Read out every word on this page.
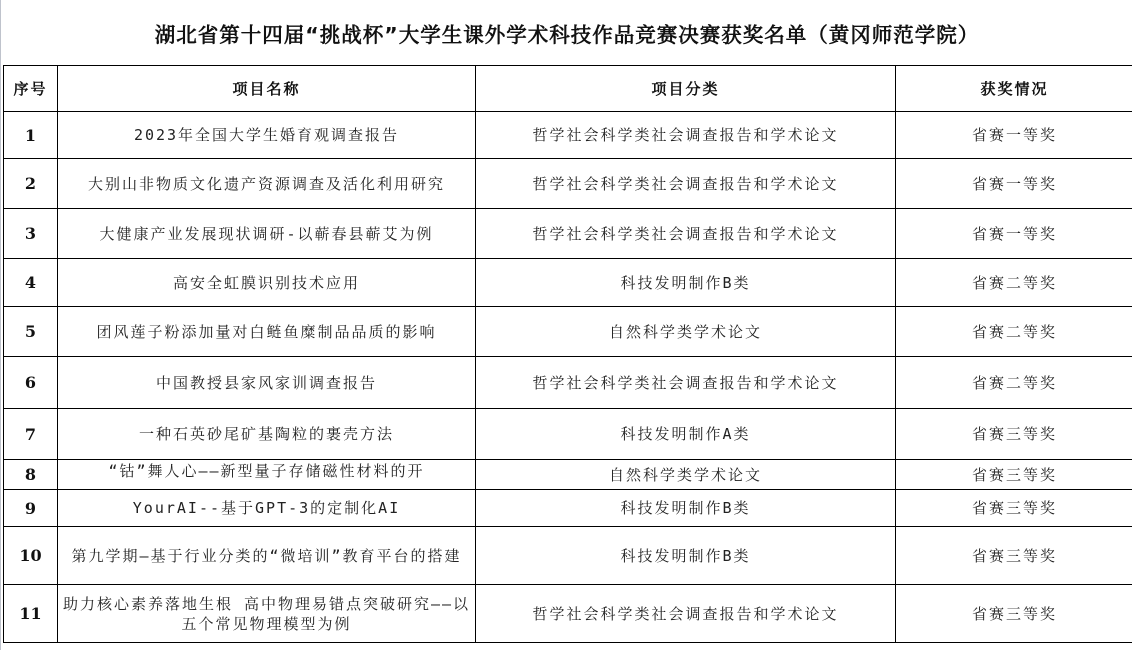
湖北省第十四届“挑战杯”大学生课外学术科技作品竞赛决赛获奖名单（黄冈师范学院）
序号	项目名称	项目分类	获奖情况
1	2023年全国大学生婚育观调查报告	哲学社会科学类社会调查报告和学术论文	省赛一等奖
2	大别山非物质文化遗产资源调查及活化利用研究	哲学社会科学类社会调查报告和学术论文	省赛一等奖
3	大健康产业发展现状调研-以蕲春县蕲艾为例	哲学社会科学类社会调查报告和学术论文	省赛一等奖
4	高安全虹膜识别技术应用	科技发明制作B类	省赛二等奖
5	团风莲子粉添加量对白鲢鱼糜制品品质的影响	自然科学类学术论文	省赛二等奖
6	中国教授县家风家训调查报告	哲学社会科学类社会调查报告和学术论文	省赛二等奖
7	一种石英砂尾矿基陶粒的裹壳方法	科技发明制作A类	省赛三等奖
8	“钴”舞人心——新型量子存储磁性材料的开	自然科学类学术论文	省赛三等奖
9	YourAI--基于GPT-3的定制化AI	科技发明制作B类	省赛三等奖
10	第九学期—基于行业分类的“微培训”教育平台的搭建	科技发明制作B类	省赛三等奖
11	助力核心素养落地生根 高中物理易错点突破研究——以五个常见物理模型为例	哲学社会科学类社会调查报告和学术论文	省赛三等奖
